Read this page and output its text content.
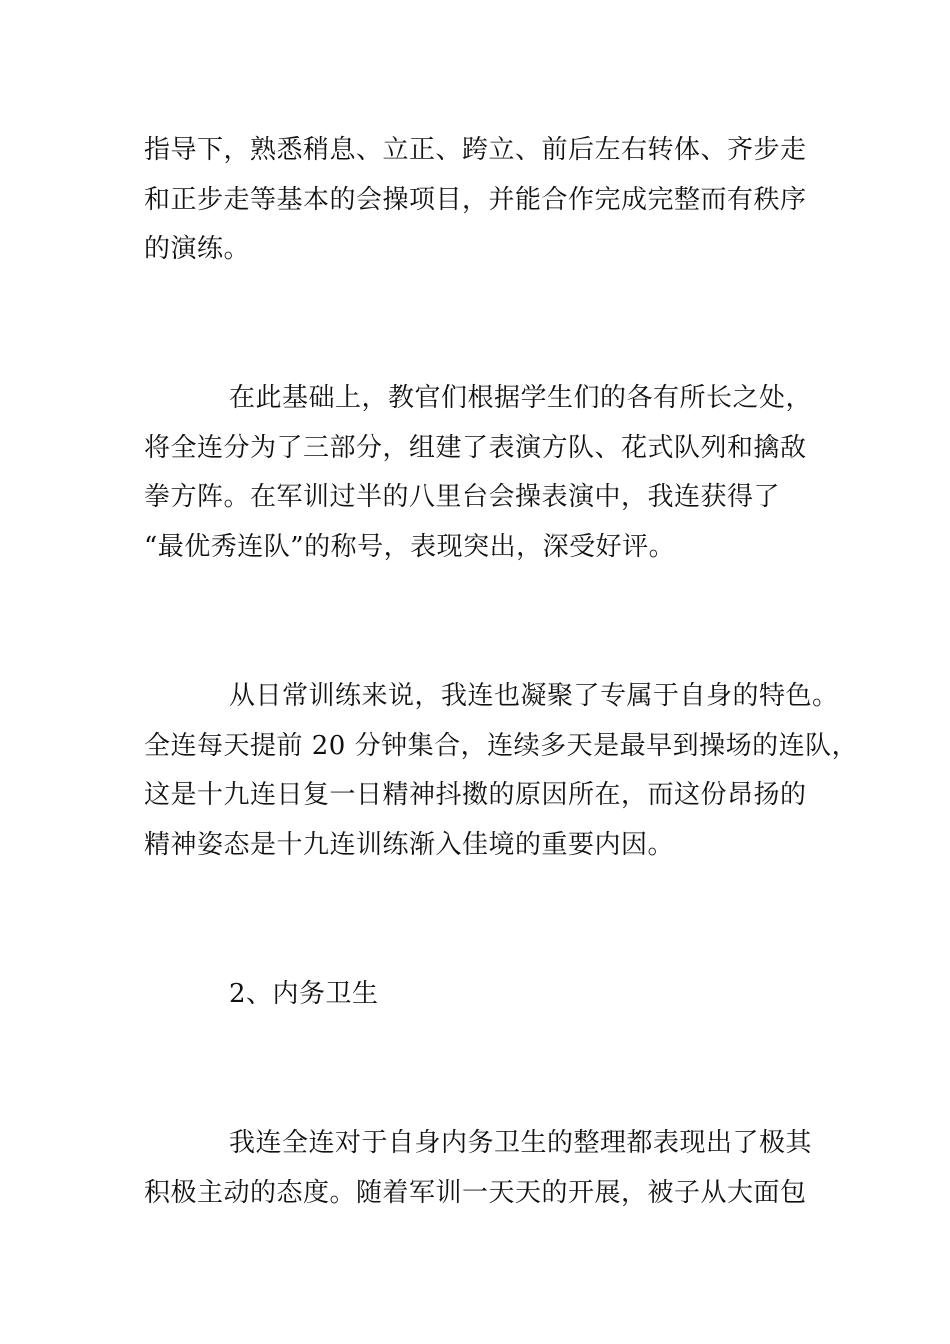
指导下，熟悉稍息、立正、跨立、前后左右转体、齐步走
和正步走等基本的会操项目，并能合作完成完整而有秩序
的演练。
在此基础上，教官们根据学生们的各有所长之处，
将全连分为了三部分，组建了表演方队、花式队列和擒敌
拳方阵。在军训过半的八里台会操表演中，我连获得了
“最优秀连队”的称号，表现突出，深受好评。
从日常训练来说，我连也凝聚了专属于自身的特色。
全连每天提前 20 分钟集合，连续多天是最早到操场的连队，
这是十九连日复一日精神抖擞的原因所在，而这份昂扬的
精神姿态是十九连训练渐入佳境的重要内因。
2、内务卫生
我连全连对于自身内务卫生的整理都表现出了极其
积极主动的态度。随着军训一天天的开展，被子从大面包
